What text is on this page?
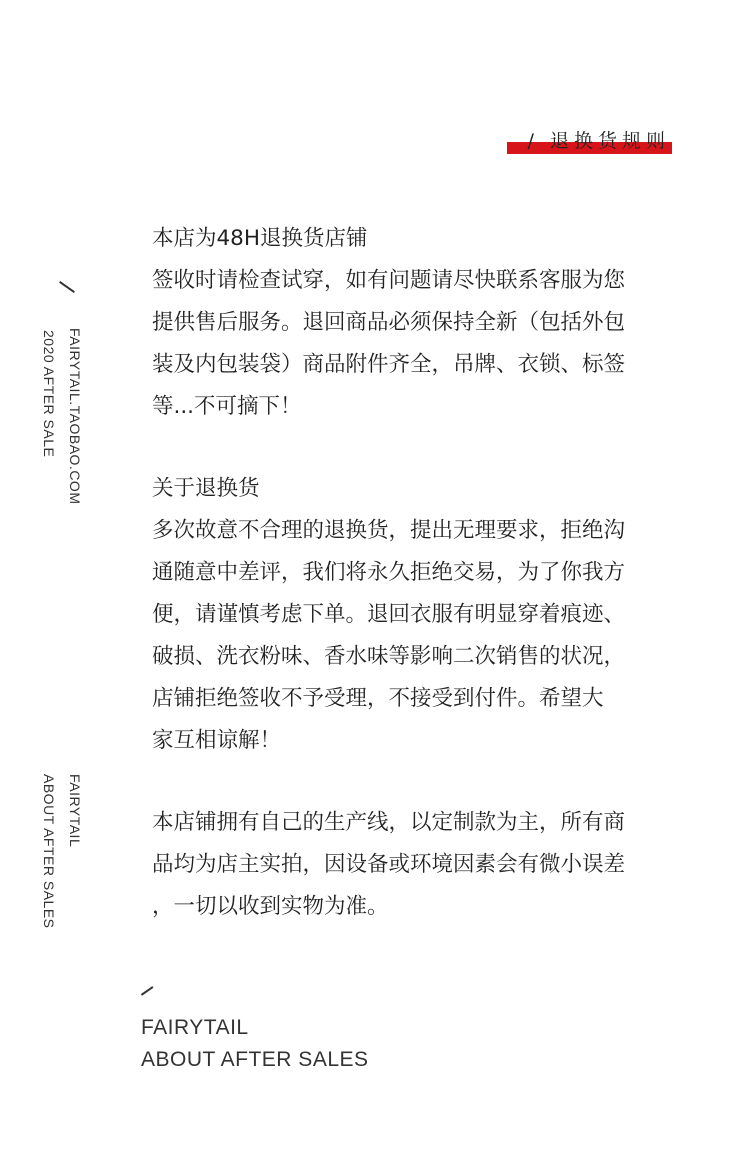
/ 退换货规则
FAIRYTAIL.TAOBAO.COM
2020 AFTER SALE
FAIRYTAIL
ABOUT AFTER SALES
本店为48H退换货店铺
签收时请检查试穿，如有问题请尽快联系客服为您
提供售后服务。退回商品必须保持全新（包括外包
装及内包装袋）商品附件齐全，吊牌、衣锁、标签
等...不可摘下！
关于退换货
多次故意不合理的退换货，提出无理要求，拒绝沟
通随意中差评，我们将永久拒绝交易，为了你我方
便，请谨慎考虑下单。退回衣服有明显穿着痕迹、
破损、洗衣粉味、香水味等影响二次销售的状况，
店铺拒绝签收不予受理，不接受到付件。希望大
家互相谅解！
本店铺拥有自己的生产线，以定制款为主，所有商
品均为店主实拍，因设备或环境因素会有微小误差
，一切以收到实物为准。
FAIRYTAIL
ABOUT AFTER SALES
